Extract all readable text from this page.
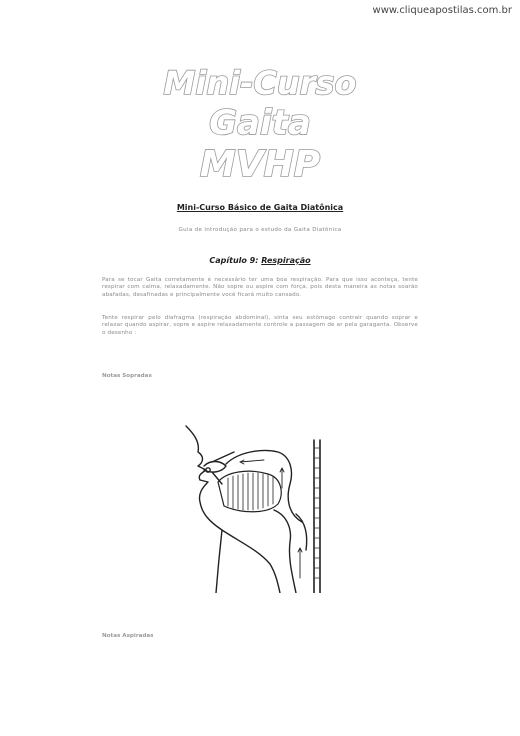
www.cliqueapostilas.com.br
Mini-Curso
Gaita
MVHP
Mini-Curso Básico de Gaita Diatônica
Guia de introdução para o estudo da Gaita Diatônica
Capítulo 9: Respiração
Para se tocar Gaita corretamente é necessário ter uma boa respiração. Para que isso aconteça, tente respirar com calma, relaxadamente. Não sopre ou aspire com força, pois desta maneira as notas soarão abafadas, desafinadas e principalmente você ficará muito cansado.
Tente respirar pelo diafragma (respiração abdominal), sinta seu estômago contrair quando soprar e relaxar quando aspirar, sopre e aspire relaxadamente controle a passagem de ar pela garaganta. Observe o desenho :
Notas Sopradas
Notas Aspiradas
